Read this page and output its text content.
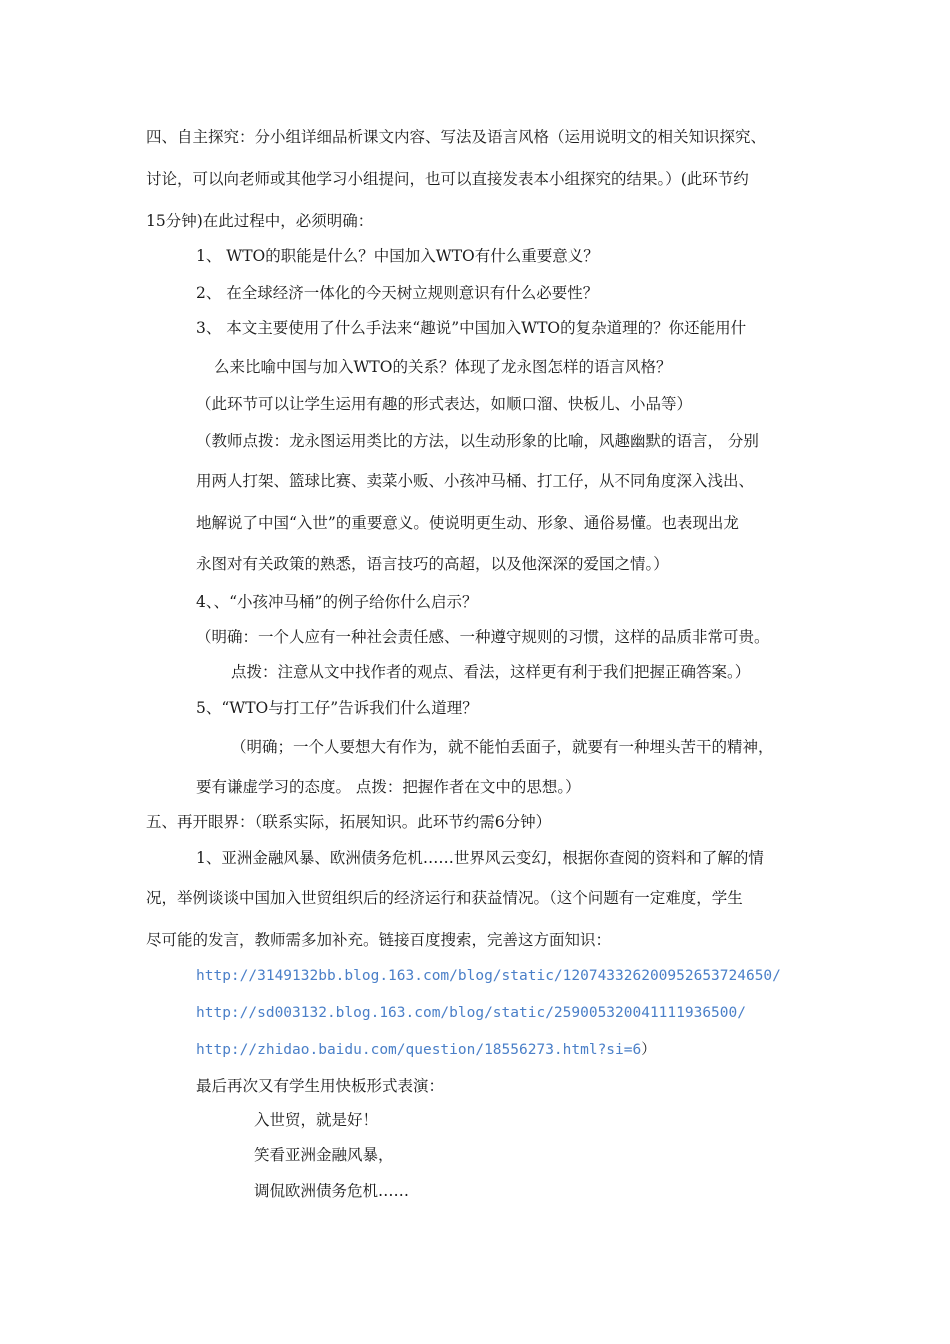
四、自主探究：分小组详细品析课文内容、写法及语言风格（运用说明文的相关知识探究、
讨论，可以向老师或其他学习小组提问，也可以直接发表本小组探究的结果。）(此环节约
15分钟)在此过程中，必须明确：
1、 WTO的职能是什么？中国加入WTO有什么重要意义？
2、 在全球经济一体化的今天树立规则意识有什么必要性？
3、 本文主要使用了什么手法来“趣说”中国加入WTO的复杂道理的？你还能用什
么来比喻中国与加入WTO的关系？体现了龙永图怎样的语言风格？
（此环节可以让学生运用有趣的形式表达，如顺口溜、快板儿、小品等）
（教师点拨：龙永图运用类比的方法，以生动形象的比喻，风趣幽默的语言， 分别
用两人打架、篮球比赛、卖菜小贩、小孩冲马桶、打工仔，从不同角度深入浅出、
地解说了中国“入世”的重要意义。使说明更生动、形象、通俗易懂。也表现出龙
永图对有关政策的熟悉，语言技巧的高超，以及他深深的爱国之情。）
4、、“小孩冲马桶”的例子给你什么启示？
（明确：一个人应有一种社会责任感、一种遵守规则的习惯，这样的品质非常可贵。
点拨：注意从文中找作者的观点、看法，这样更有利于我们把握正确答案。）
5、“WTO与打工仔”告诉我们什么道理？
（明确；一个人要想大有作为，就不能怕丢面子，就要有一种埋头苦干的精神，
要有谦虚学习的态度。 点拨：把握作者在文中的思想。）
五、再开眼界：（联系实际，拓展知识。此环节约需6分钟）
1、亚洲金融风暴、欧洲债务危机……世界风云变幻，根据你查阅的资料和了解的情
况，举例谈谈中国加入世贸组织后的经济运行和获益情况。（这个问题有一定难度，学生
尽可能的发言，教师需多加补充。链接百度搜索，完善这方面知识：
http://3149132bb.blog.163.com/blog/static/12074332620095265372​4650/
http://sd003132.blog.163.com/blog/static/25900532004111193650​0/
http://zhidao.baidu.com/question/18556273.html?si=6）
最后再次又有学生用快板形式表演：
入世贸，就是好！
笑看亚洲金融风暴，
调侃欧洲债务危机……
